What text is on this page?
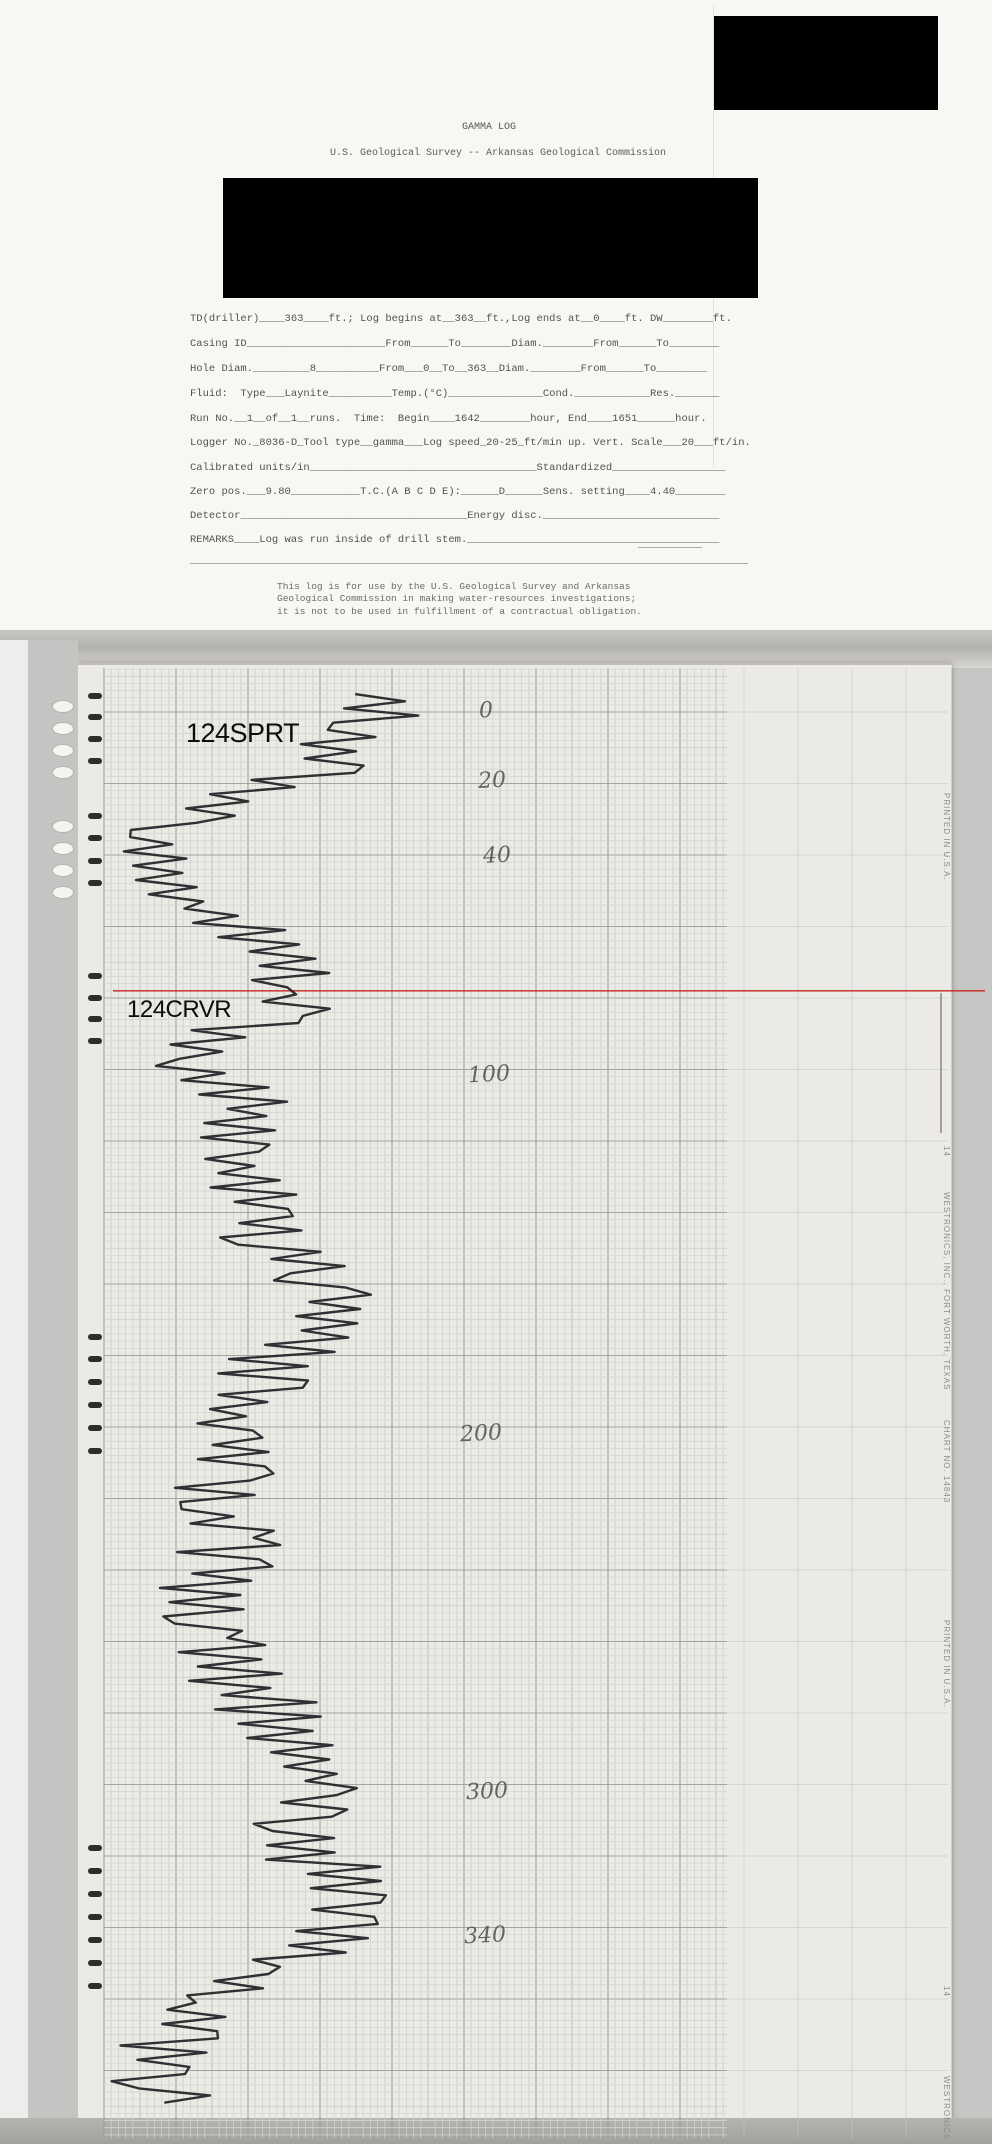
GAMMA LOG
U.S. Geological Survey -- Arkansas Geological Commission
TD(driller)____363____ft.; Log begins at__363__ft.,Log ends at__0____ft. DW________ft.
Casing ID______________________From______To________Diam.________From______To________
Hole Diam._________8__________From___0__To__363__Diam.________From______To________
Fluid:  Type___Laynite__________Temp.(°C)_______________Cond.____________Res._______
Run No.__1__of__1__runs.  Time:  Begin____1642________hour, End____1651______hour.
Logger No._8036-D_Tool type__gamma___Log speed_20-25_ft/min up. Vert. Scale___20___ft/in.
Calibrated units/in____________________________________Standardized__________________
Zero pos.___9.80___________T.C.(A B C D E):______D______Sens. setting____4.40________
Detector____________________________________Energy disc.____________________________
REMARKS____Log was run inside of drill stem.________________________________________
This log is for use by the U.S. Geological Survey and Arkansas
Geological Commission in making water-resources investigations;
it is not to be used in fulfillment of a contractual obligation.
0
20
40
100
200
300
340
PRINTED IN U.S.A.
14
WESTRONICS, INC., FORT WORTH, TEXAS
CHART NO. 14843
PRINTED IN U.S.A.
14
WESTRONICS
124SPRT
124CRVR
